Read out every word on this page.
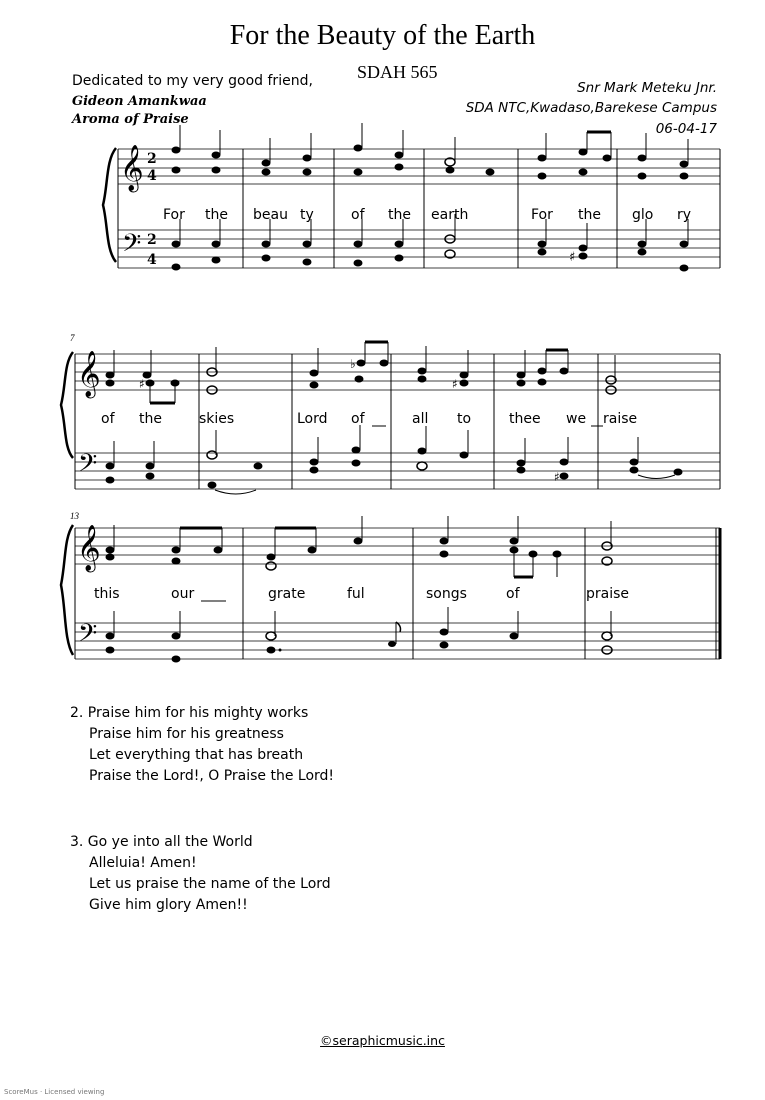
For the Beauty of the Earth
SDAH 565
Dedicated to my very good friend,
Gideon Amankwaa
Aroma of Praise
Snr Mark Meteku Jnr.
SDA NTC,Kwadaso,Barekese Campus
06-04-17
𝄞
𝄢
2
4
2
4	♯
For the beau ty	of the earth	For the glo ry
7
𝄞
𝄢
♭
♯	♯
♯
of the	skies	Lord of	all to	thee we raise
13
𝄞
𝄢
this	our	grate	ful	songs	of	praise
2. Praise him for his mighty works
Praise him for his greatness
Let everything that has breath
Praise the Lord!, O Praise the Lord!
3. Go ye into all the World
Alleluia! Amen!
Let us praise the name of the Lord
Give him glory Amen!!
©seraphicmusic.inc
ScoreMus · Licensed viewing
